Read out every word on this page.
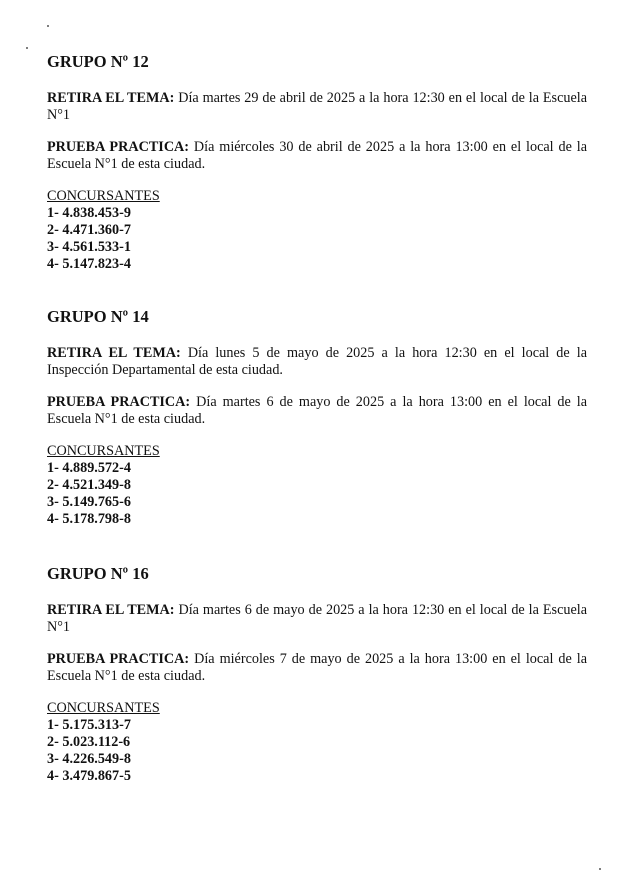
GRUPO Nº 12

RETIRA EL TEMA: Día martes 29 de abril de 2025 a la hora 12:30 en el local de la Escuela N°1

PRUEBA PRACTICA: Día miércoles 30 de abril de 2025 a la hora 13:00 en el local de la Escuela N°1 de esta ciudad.

CONCURSANTES
1- 4.838.453-9
2- 4.471.360-7
3- 4.561.533-1
4- 5.147.823-4
GRUPO Nº 14

RETIRA EL TEMA: Día lunes 5 de mayo de 2025 a la hora 12:30 en el local de la Inspección Departamental de esta ciudad.

PRUEBA PRACTICA: Día martes 6 de mayo de 2025 a la hora 13:00 en el local de la Escuela N°1 de esta ciudad.

CONCURSANTES
1- 4.889.572-4
2- 4.521.349-8
3- 5.149.765-6
4- 5.178.798-8
GRUPO Nº 16

RETIRA EL TEMA: Día martes 6 de mayo de 2025 a la hora 12:30 en el local de la Escuela N°1

PRUEBA PRACTICA: Día miércoles 7 de mayo de 2025 a la hora 13:00 en el local de la Escuela N°1 de esta ciudad.

CONCURSANTES
1- 5.175.313-7
2- 5.023.112-6
3- 4.226.549-8
4- 3.479.867-5
